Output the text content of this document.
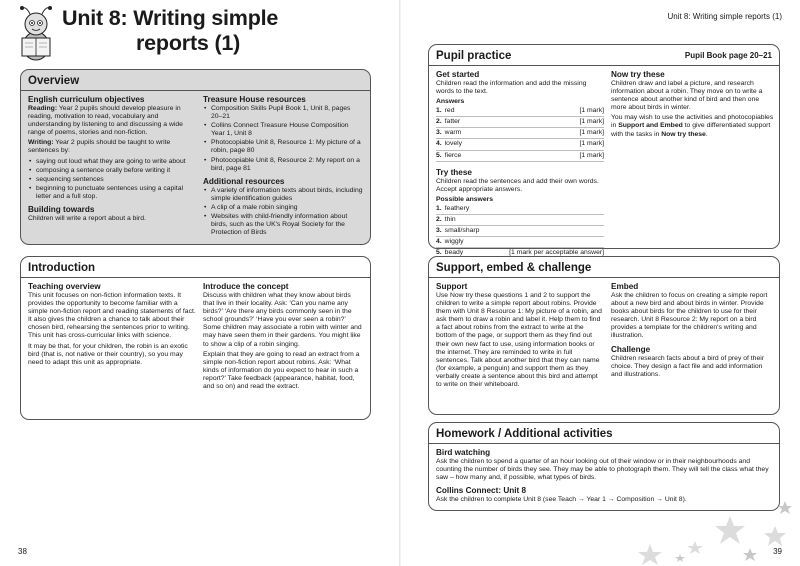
Unit 8: Writing simple
reports (1)
Overview
English curriculum objectives

Reading: Year 2 pupils should develop pleasure in reading, motivation to read, vocabulary and understanding by listening to and discussing a wide range of poems, stories and non-fiction.

Writing: Year 2 pupils should be taught to write sentences by:

• saying out loud what they are going to write about
• composing a sentence orally before writing it
• sequencing sentences
• beginning to punctuate sentences using a capital letter and a full stop.
Building towards

Children will write a report about a bird.

Treasure House resources
• Composition Skills Pupil Book 1, Unit 8, pages 20–21
• Collins Connect Treasure House Composition Year 1, Unit 8
• Photocopiable Unit 8, Resource 1: My picture of a robin, page 80
• Photocopiable Unit 8, Resource 2: My report on a bird, page 81
Additional resources
• A variety of information texts about birds, including simple identification guides
• A clip of a male robin singing
• Websites with child-friendly information about birds, such as the UK's Royal Society for the Protection of Birds
Introduction
Teaching overview

This unit focuses on non-fiction information texts. It provides the opportunity to become familiar with a simple non-fiction report and reading statements of fact. It also gives the children a chance to talk about their chosen bird, rehearsing the sentences prior to writing. This unit has cross-curricular links with science.

It may be that, for your children, the robin is an exotic bird (that is, not native or their country), so you may need to adapt this unit as appropriate.

Introduce the concept

Discuss with children what they know about birds that live in their locality. Ask: ‘Can you name any birds?’ ‘Are there any birds commonly seen in the school grounds?’ ‘Have you ever seen a robin?’ Some children may associate a robin with winter and may have seen them in their gardens. You might like to show a clip of a robin singing.

Explain that they are going to read an extract from a simple non-fiction report about robins. Ask: ‘What kinds of information do you expect to hear in such a report?’ Take feedback (appearance, habitat, food, and so on) and read the extract.

38
Unit 8: Writing simple reports (1)
Pupil practice	Pupil Book page 20–21
Get started

Children read the information and add the missing words to the text.

Answers
1. red	[1 mark]
2. fatter	[1 mark]
3. warm	[1 mark]
4. lovely	[1 mark]
5. fierce	[1 mark]
Try these

Children read the sentences and add their own words. Accept appropriate answers.

Possible answers
1. feathery
2. thin
3. small/sharp
4. wiggly
5. beady	[1 mark per acceptable answer]
Now try these

Children draw and label a picture, and research information about a robin. They move on to write a sentence about another kind of bird and then one more about birds in winter.

You may wish to use the activities and photocopiables in Support and Embed to give differentiated support with the tasks in Now try these.

Support, embed & challenge
Support

Use Now try these questions 1 and 2 to support the children to write a simple report about robins. Provide them with Unit 8 Resource 1: My picture of a robin, and ask them to draw a robin and label it. Help them to find a fact about robins from the extract to write at the bottom of the page, or support them as they find out their own new fact to use, using information books or the internet. They are reminded to write in full sentences. Talk about another bird that they can name (for example, a penguin) and support them as they verbally create a sentence about this bird and attempt to write on their whiteboard.

Embed

Ask the children to focus on creating a simple report about a new bird and about birds in winter. Provide books about birds for the children to use for their research. Unit 8 Resource 2: My report on a bird provides a template for the children's writing and illustration.

Challenge

Children research facts about a bird of prey of their choice. They design a fact file and add information and illustrations.

Homework / Additional activities
Bird watching

Ask the children to spend a quarter of an hour looking out of their window or in their neighbourhoods and counting the number of birds they see. They may be able to photograph them. They will tell the class what they saw – how many and, if possible, what types of birds.

Collins Connect: Unit 8

Ask the children to complete Unit 8 (see Teach → Year 1 → Composition → Unit 8).

39
